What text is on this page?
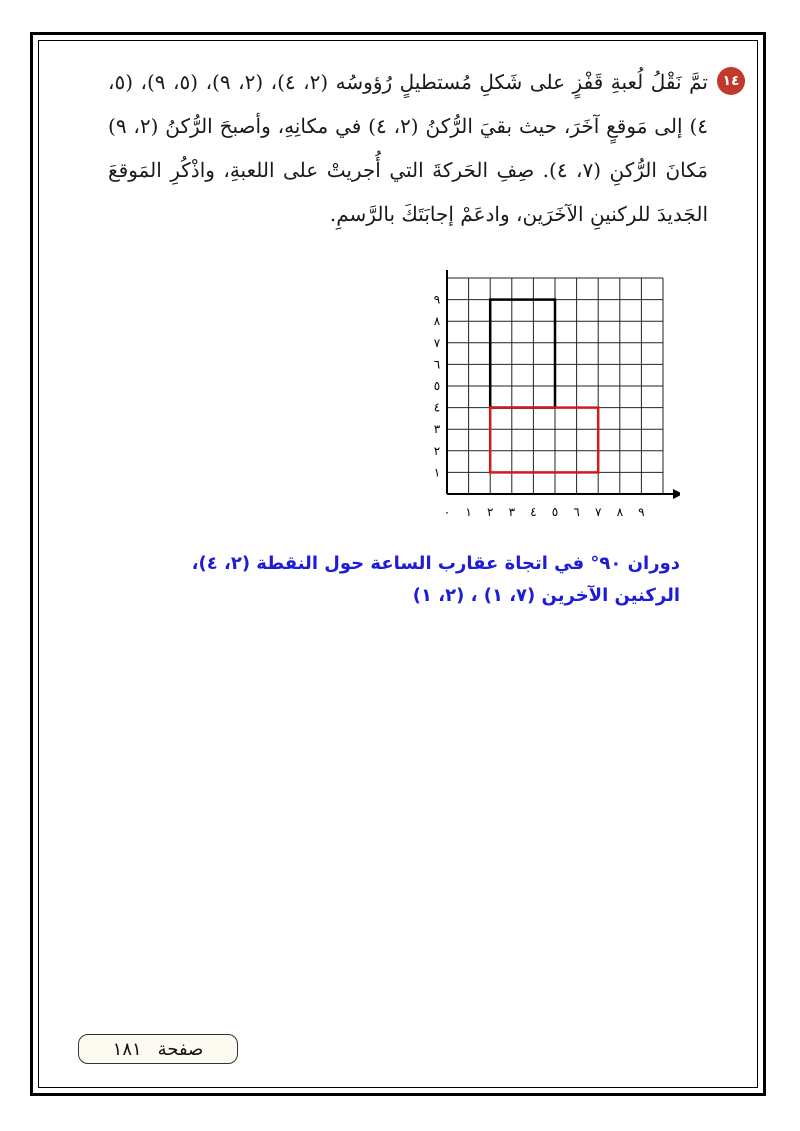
١٤
تمَّ نَقْلُ لُعبةِ قَفْزٍ على شَكلِ مُستطيلٍ رُؤوسُه (٢، ٤)، (٢، ٩)، (٥، ٩)، (٥، ٤) إلى مَوقعٍ آخَرَ، حيث بقيَ الرُّكنُ (٢، ٤) في مكانِهِ، وأصبحَ الرُّكنُ (٢، ٩) مَكانَ الرُّكنِ (٧، ٤). صِفِ الحَركةَ التي أُجريتْ على اللعبةِ، واذْكُرِ المَوقعَ الجَديدَ للركنينِ الآخَرَين، وادعَمْ إجابَتَكَ بالرَّسمِ.
٠ ١ ٢ ٣ ٤ ٥ ٦ ٧ ٨ ٩
١
٢
٣
٤
٥
٦
٧
٨
٩
دوران ٩٠° في اتجاة عقارب الساعة حول النقطة (٢، ٤)،
الركنين الآخرين (٧، ١) ، (٢، ١)
صفحة
١٨١
